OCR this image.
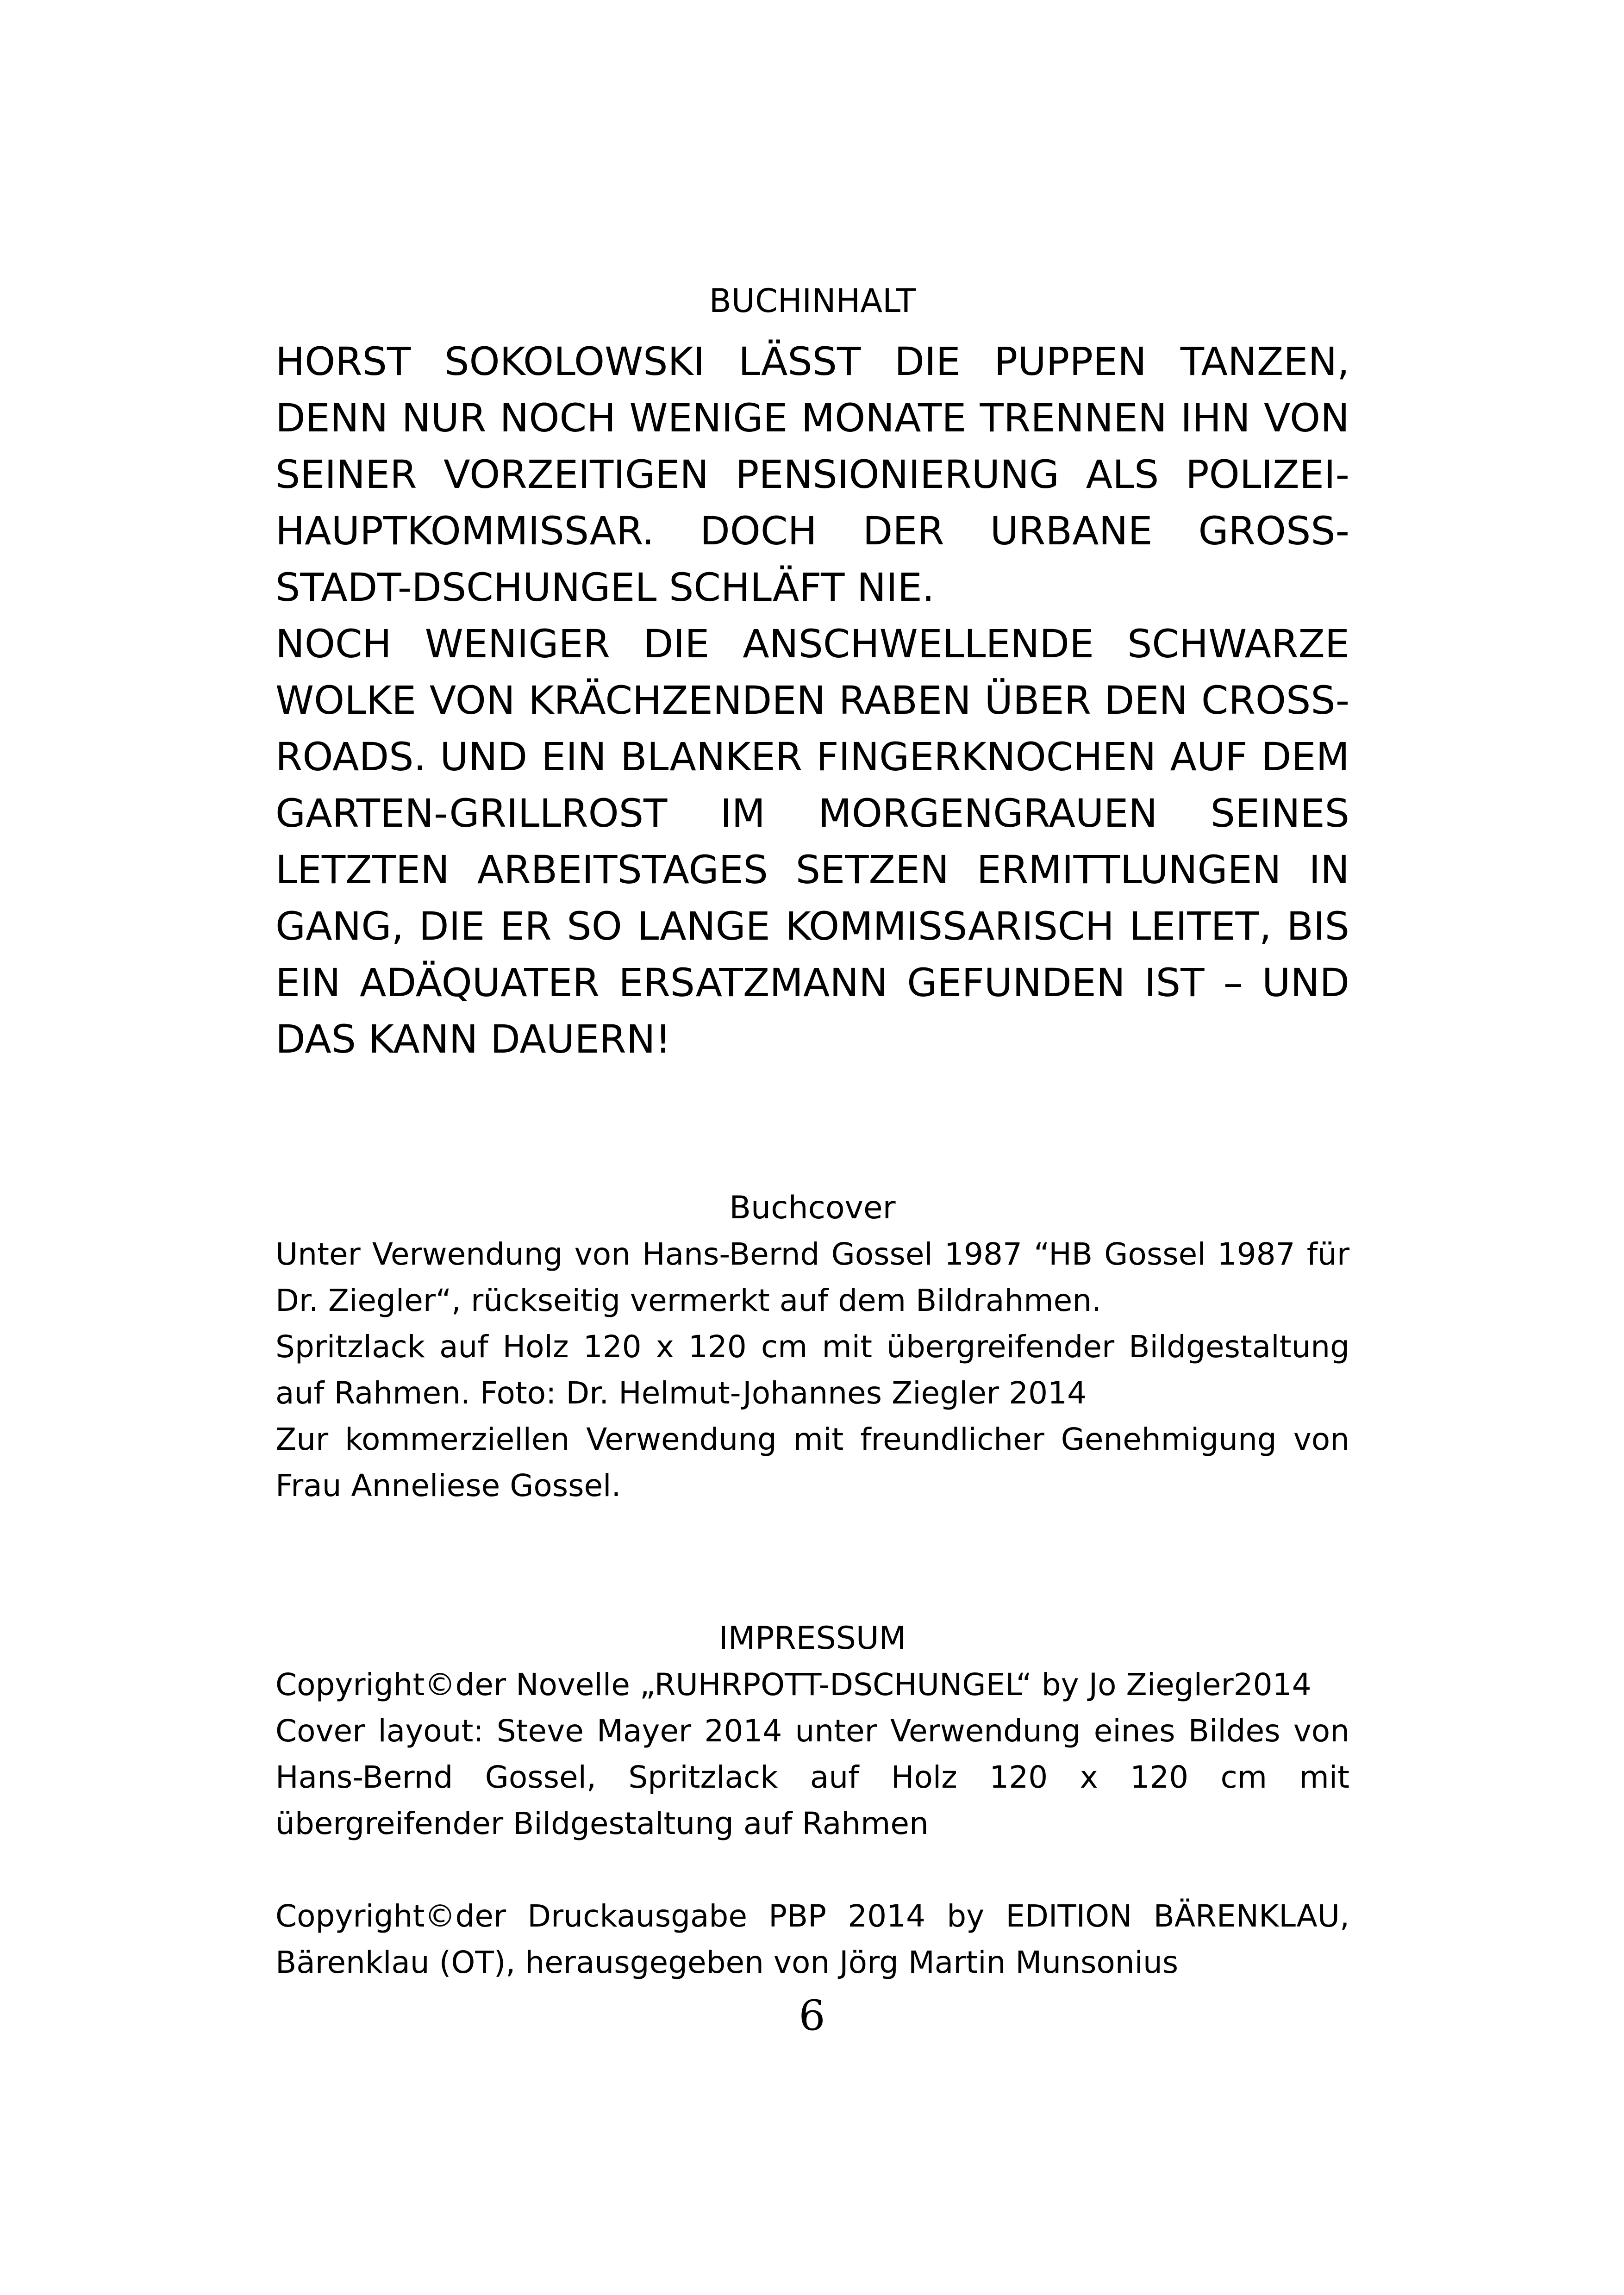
BUCHINHALT

HORST SOKOLOWSKI LÄSST DIE PUPPEN TANZEN, DENN NUR NOCH WENIGE MONATE TRENNEN IHN VON SEINER VORZEITIGEN PENSIONIERUNG ALS POLIZEI-HAUPTKOMMISSAR. DOCH DER URBANE GROSS-STADT-DSCHUNGEL SCHLÄFT NIE.

NOCH WENIGER DIE ANSCHWELLENDE SCHWARZE WOLKE VON KRÄCHZENDEN RABEN ÜBER DEN CROSS-ROADS. UND EIN BLANKER FINGERKNOCHEN AUF DEM GARTEN-GRILLROST IM MORGENGRAUEN SEINES LETZTEN ARBEITSTAGES SETZEN ERMITTLUNGEN IN GANG, DIE ER SO LANGE KOMMISSARISCH LEITET, BIS EIN ADÄQUATER ERSATZMANN GEFUNDEN IST – UND DAS KANN DAUERN!

Buchcover

Unter Verwendung von Hans-Bernd Gossel 1987 “HB Gossel 1987 für Dr. Ziegler“, rückseitig vermerkt auf dem Bildrahmen.

Spritzlack auf Holz 120 x 120 cm mit übergreifender Bildgestaltung auf Rahmen. Foto: Dr. Helmut-Johannes Ziegler 2014

Zur kommerziellen Verwendung mit freundlicher Genehmigung von Frau Anneliese Gossel.

IMPRESSUM

Copyright©der Novelle „RUHRPOTT-DSCHUNGEL“ by Jo Ziegler2014

Cover layout: Steve Mayer 2014 unter Verwendung eines Bildes von Hans-Bernd Gossel, Spritzlack auf Holz 120 x 120 cm mit übergreifender Bildgestaltung auf Rahmen

Copyright©der Druckausgabe PBP 2014 by EDITION BÄRENKLAU, Bärenklau (OT), herausgegeben von Jörg Martin Munsonius

6
